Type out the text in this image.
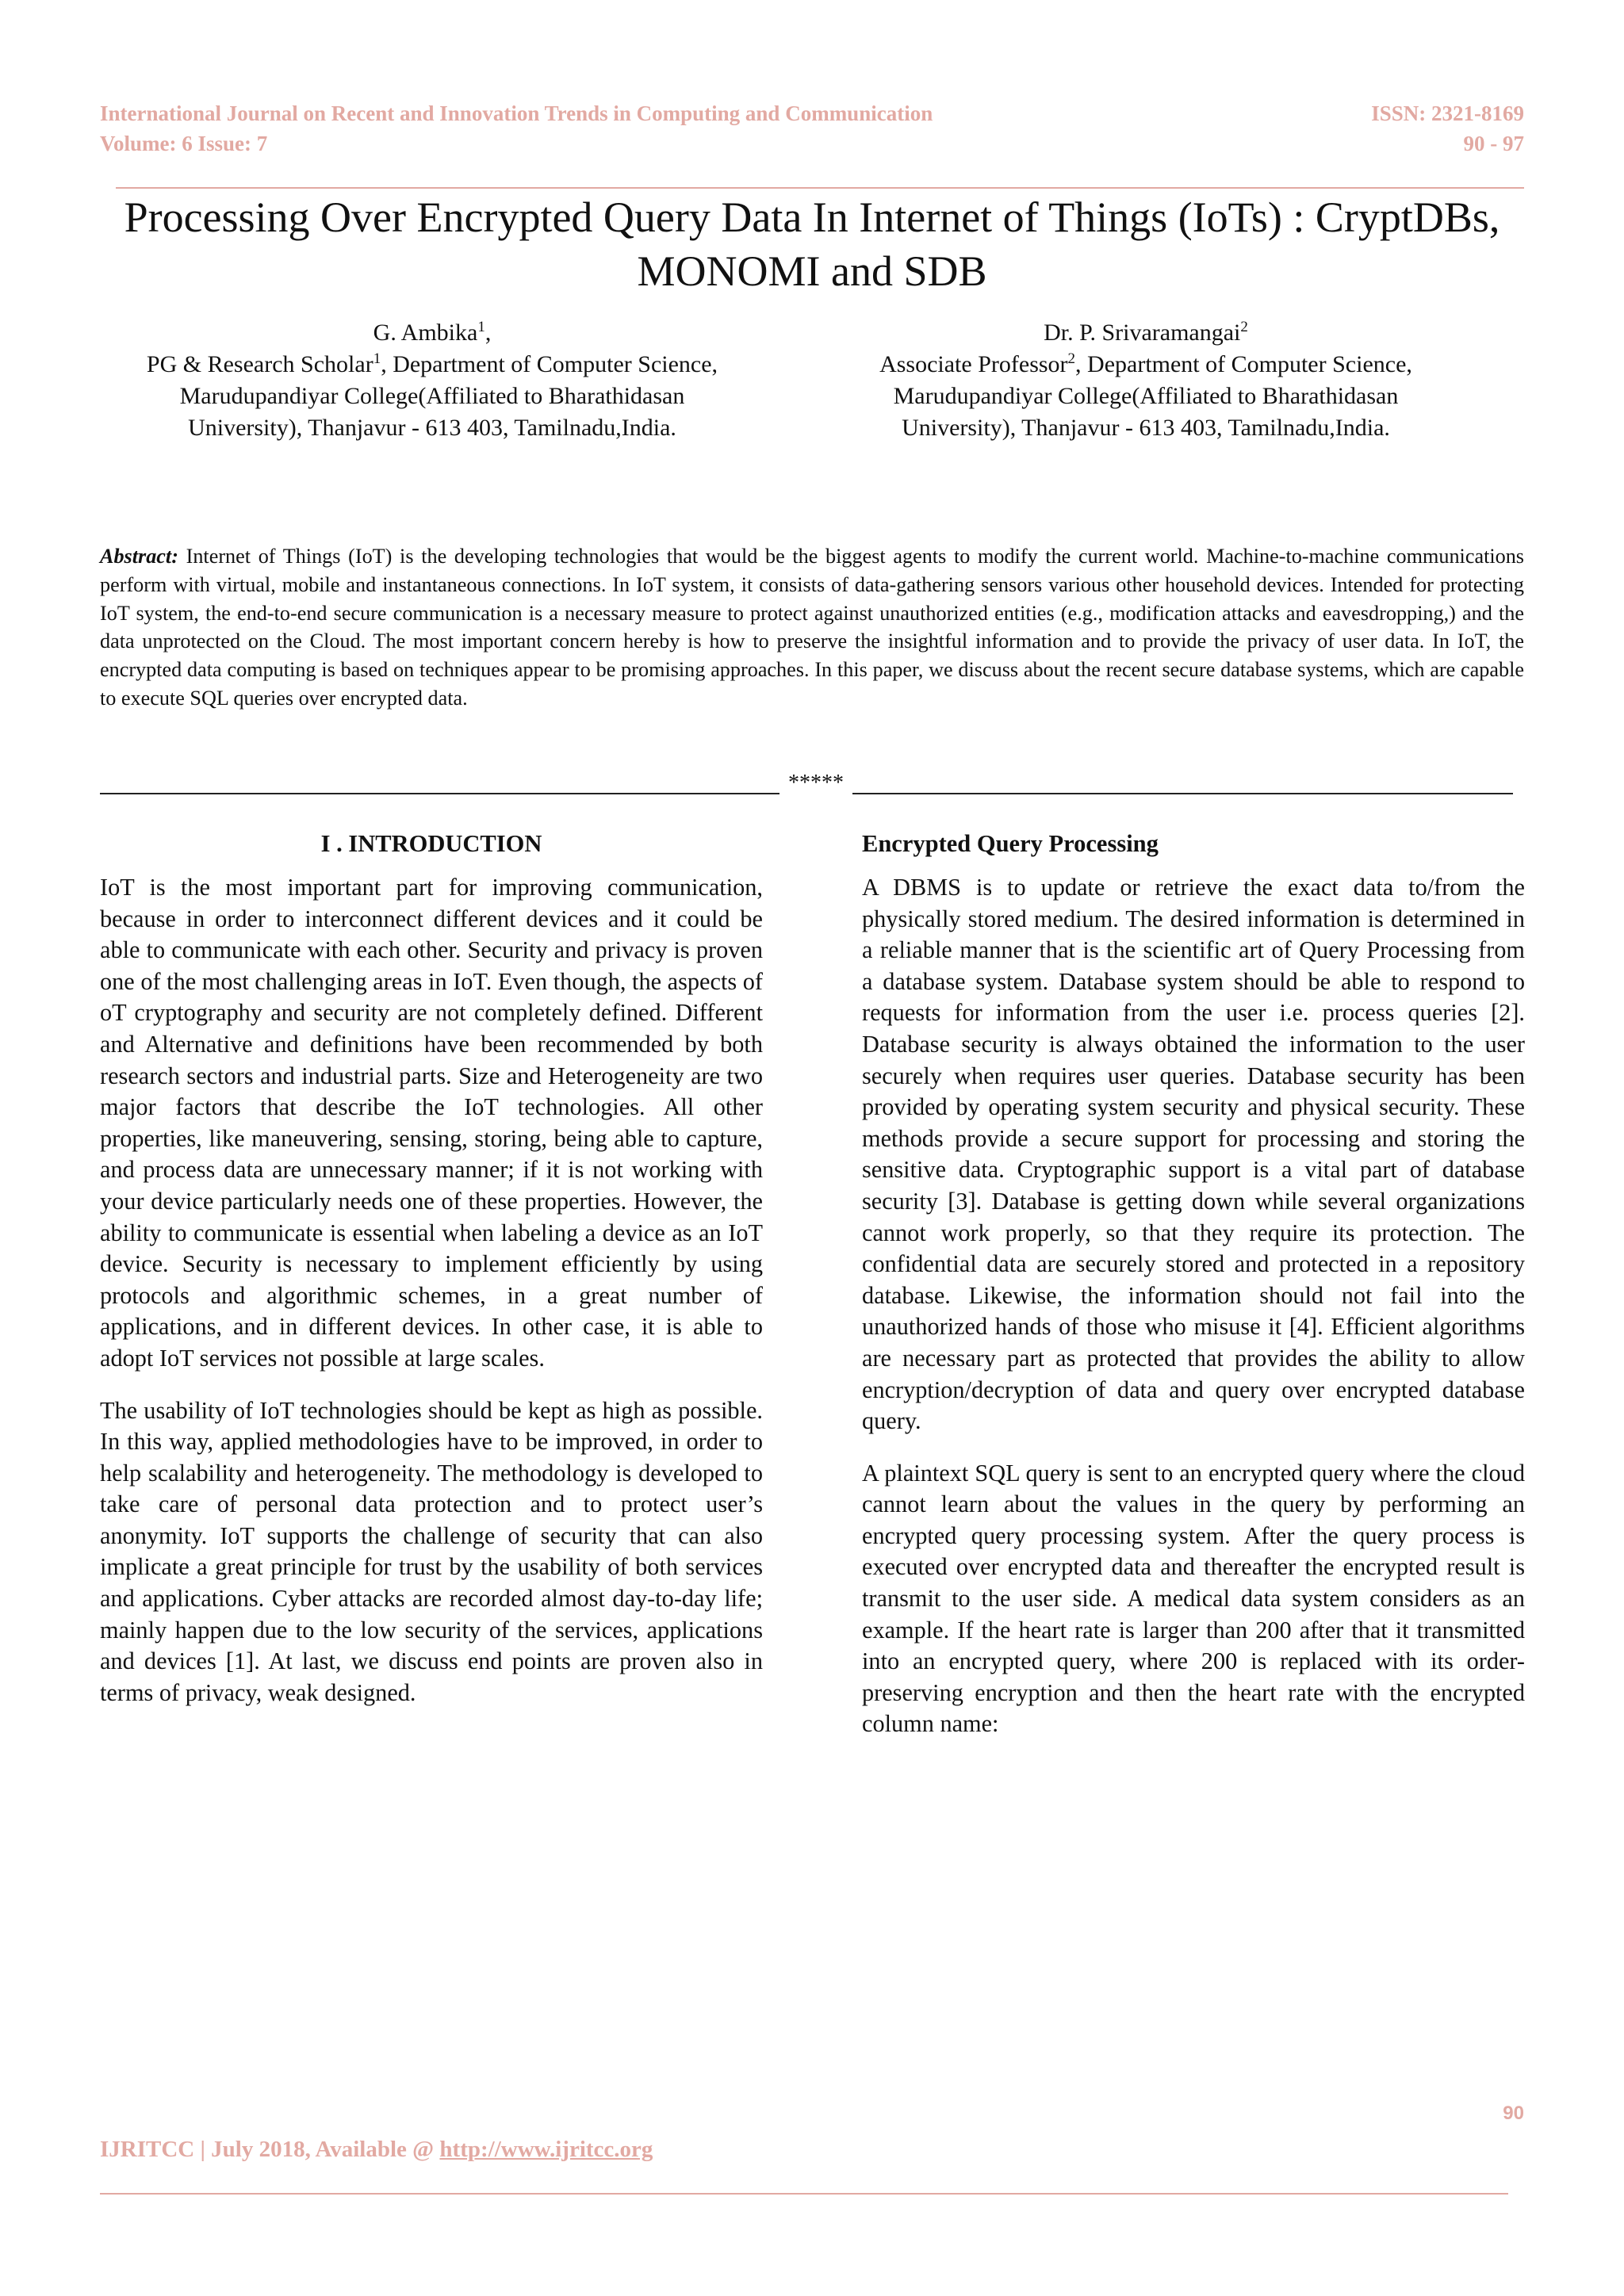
International Journal on Recent and Innovation Trends in Computing and Communication
Volume: 6 Issue: 7
ISSN: 2321-8169
90 - 97
Processing Over Encrypted Query Data In Internet of Things (IoTs) : CryptDBs,
MONOMI and SDB
G. Ambika$^1$,
PG & Research Scholar$^1$, Department of Computer Science,
Marudupandiyar College(Affiliated to Bharathidasan
University), Thanjavur - 613 403, Tamilnadu,India.
Dr. P. Srivaramangai$^2$
Associate Professor$^2$, Department of Computer Science,
Marudupandiyar College(Affiliated to Bharathidasan
University), Thanjavur - 613 403, Tamilnadu,India.
Abstract: Internet of Things (IoT) is the developing technologies that would be the biggest agents to modify the current world. Machine-to-machine communications perform with virtual, mobile and instantaneous connections. In IoT system, it consists of data-gathering sensors various other household devices. Intended for protecting IoT system, the end-to-end secure communication is a necessary measure to protect against unauthorized entities (e.g., modification attacks and eavesdropping,) and the data unprotected on the Cloud. The most important concern hereby is how to preserve the insightful information and to provide the privacy of user data. In IoT, the encrypted data computing is based on techniques appear to be promising approaches. In this paper, we discuss about the recent secure database systems, which are capable to execute SQL queries over encrypted data.
*****
I . INTRODUCTION

IoT is the most important part for improving communication, because in order to interconnect different devices and it could be able to communicate with each other. Security and privacy is proven one of the most challenging areas in IoT. Even though, the aspects of oT cryptography and security are not completely defined. Different and Alternative and definitions have been recommended by both research sectors and industrial parts. Size and Heterogeneity are two major factors that describe the IoT technologies. All other properties, like maneuvering, sensing, storing, being able to capture, and process data are unnecessary manner; if it is not working with your device particularly needs one of these properties. However, the ability to communicate is essential when labeling a device as an IoT device. Security is necessary to implement efficiently by using protocols and algorithmic schemes, in a great number of applications, and in different devices. In other case, it is able to adopt IoT services not possible at large scales.

The usability of IoT technologies should be kept as high as possible. In this way, applied methodologies have to be improved, in order to help scalability and heterogeneity. The methodology is developed to take care of personal data protection and to protect user’s anonymity. IoT supports the challenge of security that can also implicate a great principle for trust by the usability of both services and applications. Cyber attacks are recorded almost day-to-day life; mainly happen due to the low security of the services, applications and devices [1]. At last, we discuss end points are proven also in terms of privacy, weak designed.

Encrypted Query Processing

A DBMS is to update or retrieve the exact data to/from the physically stored medium. The desired information is determined in a reliable manner that is the scientific art of Query Processing from a database system. Database system should be able to respond to requests for information from the user i.e. process queries [2]. Database security is always obtained the information to the user securely when requires user queries. Database security has been provided by operating system security and physical security. These methods provide a secure support for processing and storing the sensitive data. Cryptographic support is a vital part of database security [3]. Database is getting down while several organizations cannot work properly, so that they require its protection. The confidential data are securely stored and protected in a repository database. Likewise, the information should not fail into the unauthorized hands of those who misuse it [4]. Efficient algorithms are necessary part as protected that provides the ability to allow encryption/decryption of data and query over encrypted database query.

A plaintext SQL query is sent to an encrypted query where the cloud cannot learn about the values in the query by performing an encrypted query processing system. After the query process is executed over encrypted data and thereafter the encrypted result is transmit to the user side. A medical data system considers as an example. If the heart rate is larger than 200 after that it transmitted into an encrypted query, where 200 is replaced with its order-preserving encryption and then the heart rate with the encrypted column name:

90
IJRITCC | July 2018, Available @ http://www.ijritcc.org
